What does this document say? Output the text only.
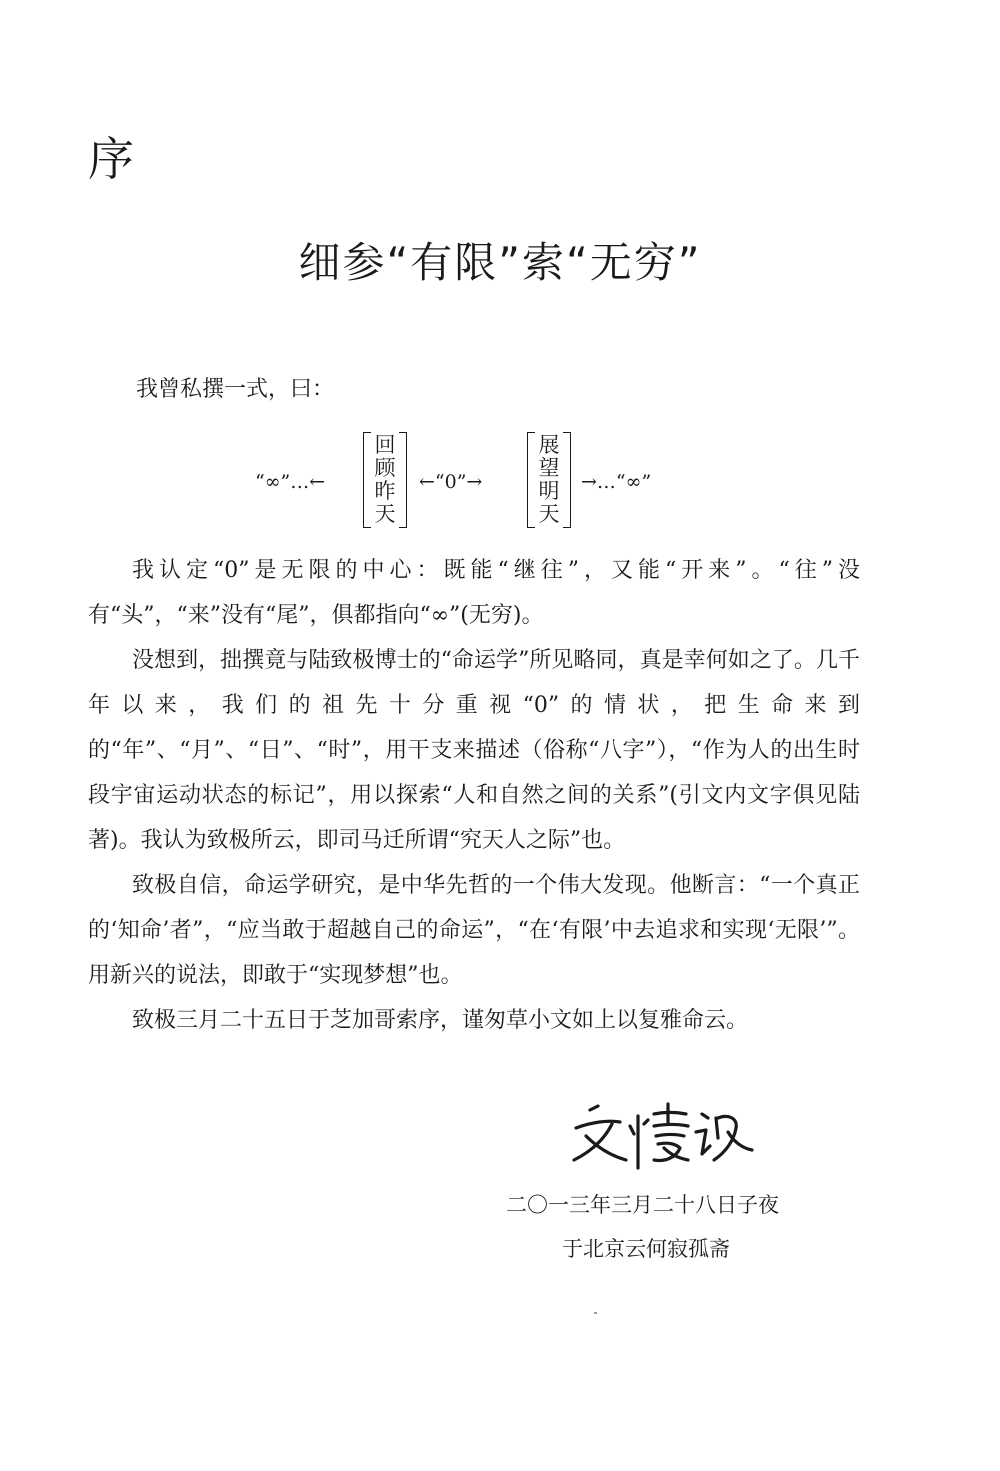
序
细参“有限”索“无穷”
我曾私撰一式，曰：
“∞”…←
回
顾
昨
天
←“0”→
展
望
明
天
→…“∞”

我认定“0”是无限的中心：既能“继往”，又能“开来”。“往”没有“头”，“来”没有“尾”，俱都指向“∞”(无穷)。

没想到，拙撰竟与陆致极博士的“命运学”所见略同，真是幸何如之了。几千年以来，我们的祖先十分重视“0”的情状，把生命来到的“年”、“月”、“日”、“时”，用干支来描述（俗称“八字”），“作为人的出生时段宇宙运动状态的标记”，用以探索“人和自然之间的关系”(引文内文字俱见陆著)。我认为致极所云，即司马迁所谓“究天人之际”也。

致极自信，命运学研究，是中华先哲的一个伟大发现。他断言：“一个真正的‘知命’者”，“应当敢于超越自己的命运”，“在‘有限’中去追求和实现‘无限’”。用新兴的说法，即敢于“实现梦想”也。

致极三月二十五日于芝加哥索序，谨匆草小文如上以复雅命云。

二〇一三年三月二十八日子夜
于北京云何寂孤斋
